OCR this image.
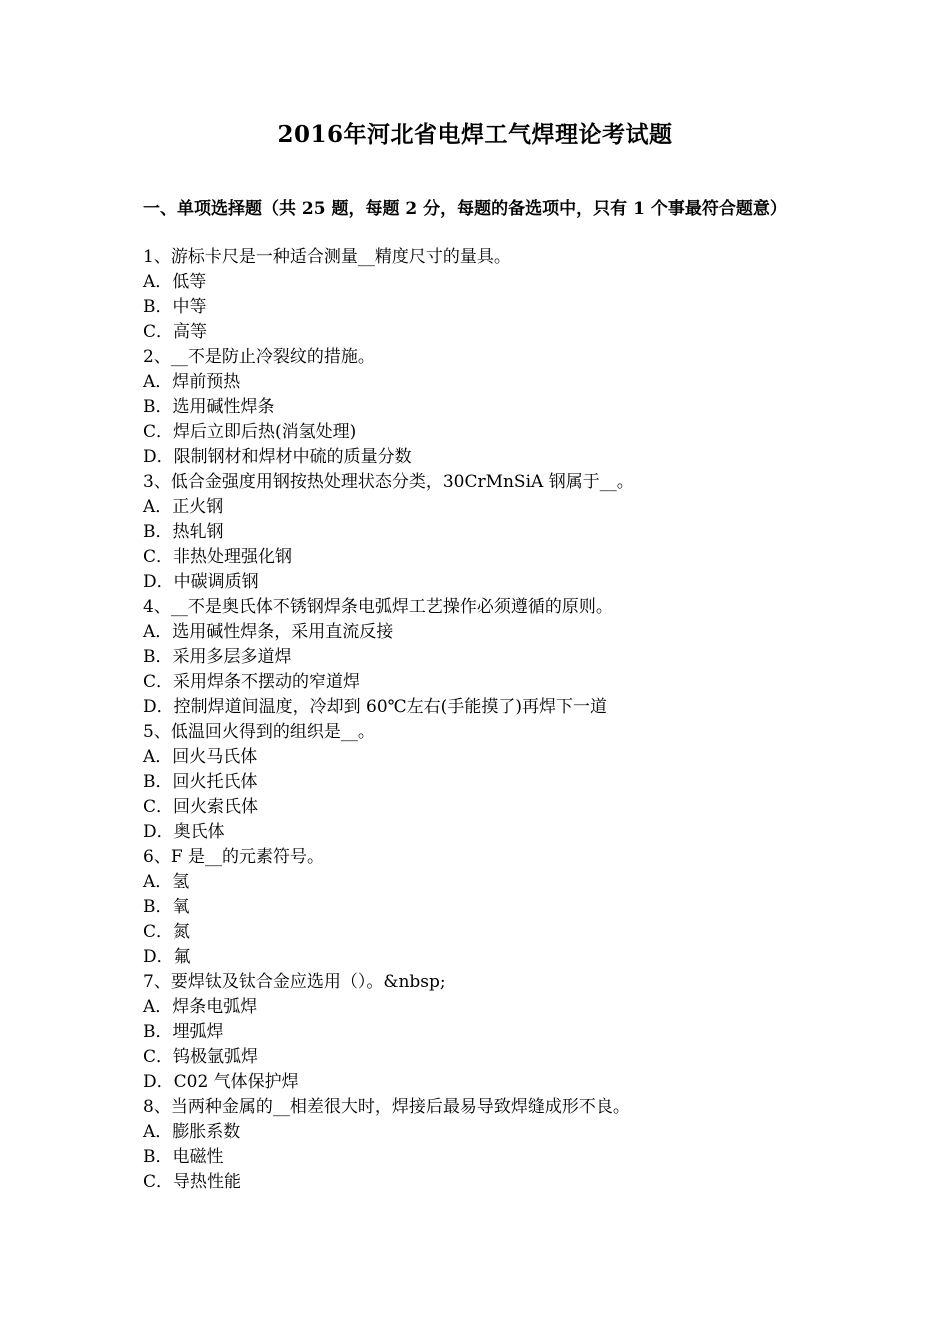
2016年河北省电焊工气焊理论考试题
一、单项选择题（共 25 题，每题 2 分，每题的备选项中，只有 1 个事最符合题意）
1、游标卡尺是一种适合测量__精度尺寸的量具。
A．低等
B．中等
C．高等
2、__不是防止冷裂纹的措施。
A．焊前预热
B．选用碱性焊条
C．焊后立即后热(消氢处理)
D．限制钢材和焊材中硫的质量分数
3、低合金强度用钢按热处理状态分类，30CrMnSiA 钢属于__。
A．正火钢
B．热轧钢
C．非热处理强化钢
D．中碳调质钢
4、__不是奥氏体不锈钢焊条电弧焊工艺操作必须遵循的原则。
A．选用碱性焊条，采用直流反接
B．采用多层多道焊
C．采用焊条不摆动的窄道焊
D．控制焊道间温度，冷却到 60℃左右(手能摸了)再焊下一道
5、低温回火得到的组织是__。
A．回火马氏体
B．回火托氏体
C．回火索氏体
D．奥氏体
6、F 是__的元素符号。
A．氢
B．氧
C．氮
D．氟
7、要焊钛及钛合金应选用（）。&nbsp;
A．焊条电弧焊
B．埋弧焊
C．钨极氩弧焊
D．C02 气体保护焊
8、当两种金属的__相差很大时，焊接后最易导致焊缝成形不良。
A．膨胀系数
B．电磁性
C．导热性能
